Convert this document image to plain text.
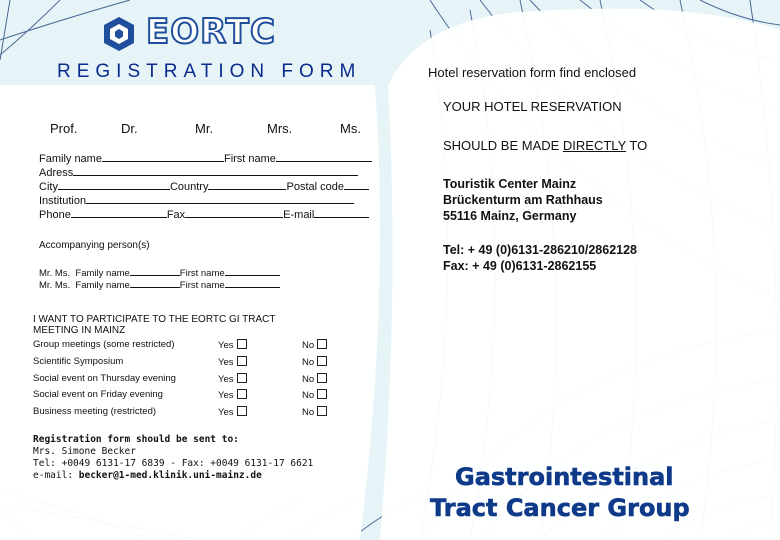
EORTC
REGISTRATION FORM
Prof.	Dr.	Mr.	Mrs.	Ms.
Family name	First name
Adress
City	Country	Postal code
Institution
Phone	Fax	E-mail
Accompanying person(s)
Mr. Ms. Family name	First name
Mr. Ms. Family name	First name
I WANT TO PARTICIPATE TO THE EORTC GI TRACT
MEETING IN MAINZ
Group meetings (some restricted)	Yes	No
Scientific Symposium	Yes	No
Social event on Thursday evening	Yes	No
Social event on Friday evening	Yes	No
Business meeting (restricted)	Yes	No
Registration form should be sent to:
Mrs. Simone Becker
Tel: +0049 6131-17 6839 - Fax: +0049 6131-17 6621
e-mail: becker@1-med.klinik.uni-mainz.de
Hotel reservation form find enclosed
YOUR HOTEL RESERVATION
SHOULD BE MADE DIRECTLY TO
Touristik Center Mainz
Brückenturm am Rathhaus
55116 Mainz, Germany
Tel: + 49 (0)6131-286210/2862128
Fax: + 49 (0)6131-2862155
Gastrointestinal
Tract Cancer Group
